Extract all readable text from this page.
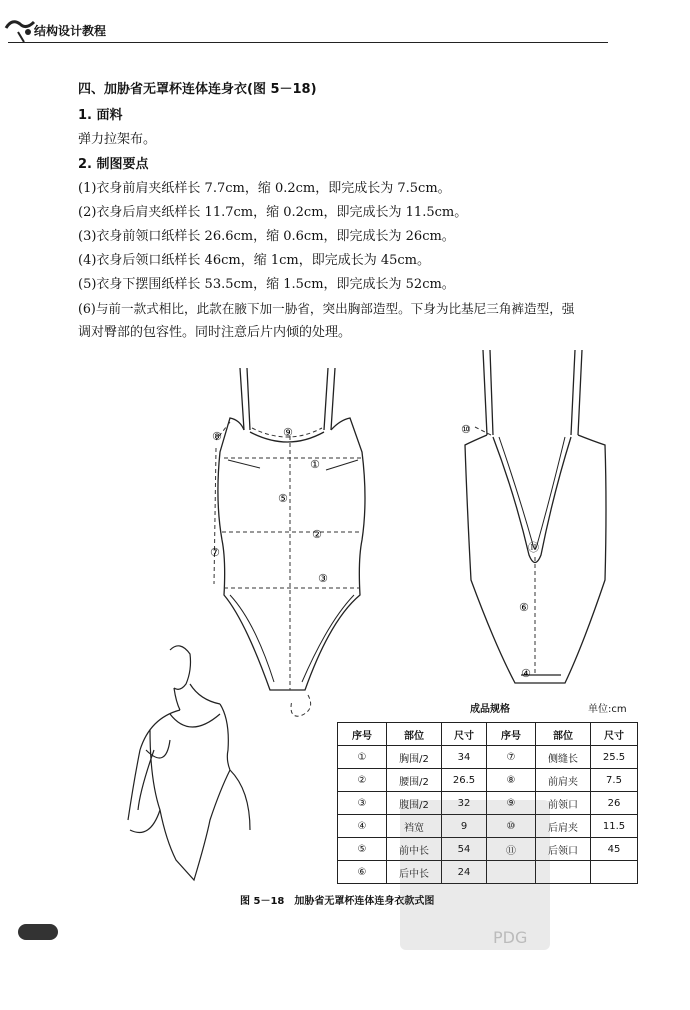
结构设计教程
四、加胁省无罩杯连体连身衣(图 5－18)
1. 面料
弹力拉架布。
2. 制图要点
(1)衣身前肩夹纸样长 7.7cm，缩 0.2cm，即完成长为 7.5cm。
(2)衣身后肩夹纸样长 11.7cm，缩 0.2cm，即完成长为 11.5cm。
(3)衣身前领口纸样长 26.6cm，缩 0.6cm，即完成长为 26cm。
(4)衣身后领口纸样长 46cm，缩 1cm，即完成长为 45cm。
(5)衣身下摆围纸样长 53.5cm，缩 1.5cm，即完成长为 52cm。
(6)与前一款式相比，此款在腋下加一胁省，突出胸部造型。下身为比基尼三角裤造型，强
调对臀部的包容性。同时注意后片内倾的处理。
⑧	⑨
①
⑤
②
⑦
③
⑩
⑪
⑥
④
成品规格	单位:cm
序号	部位	尺寸	序号	部位	尺寸
①	胸围/2	34	⑦	侧缝长	25.5
②	腰围/2	26.5	⑧	前肩夹	7.5
③	腹围/2	32	⑨	前领口	26
④	裆宽	9	⑩	后肩夹	11.5
⑤	前中长	54	⑪	后领口	45
⑥	后中长	24			
图 5－18　加胁省无罩杯连体连身衣款式图
PDG
